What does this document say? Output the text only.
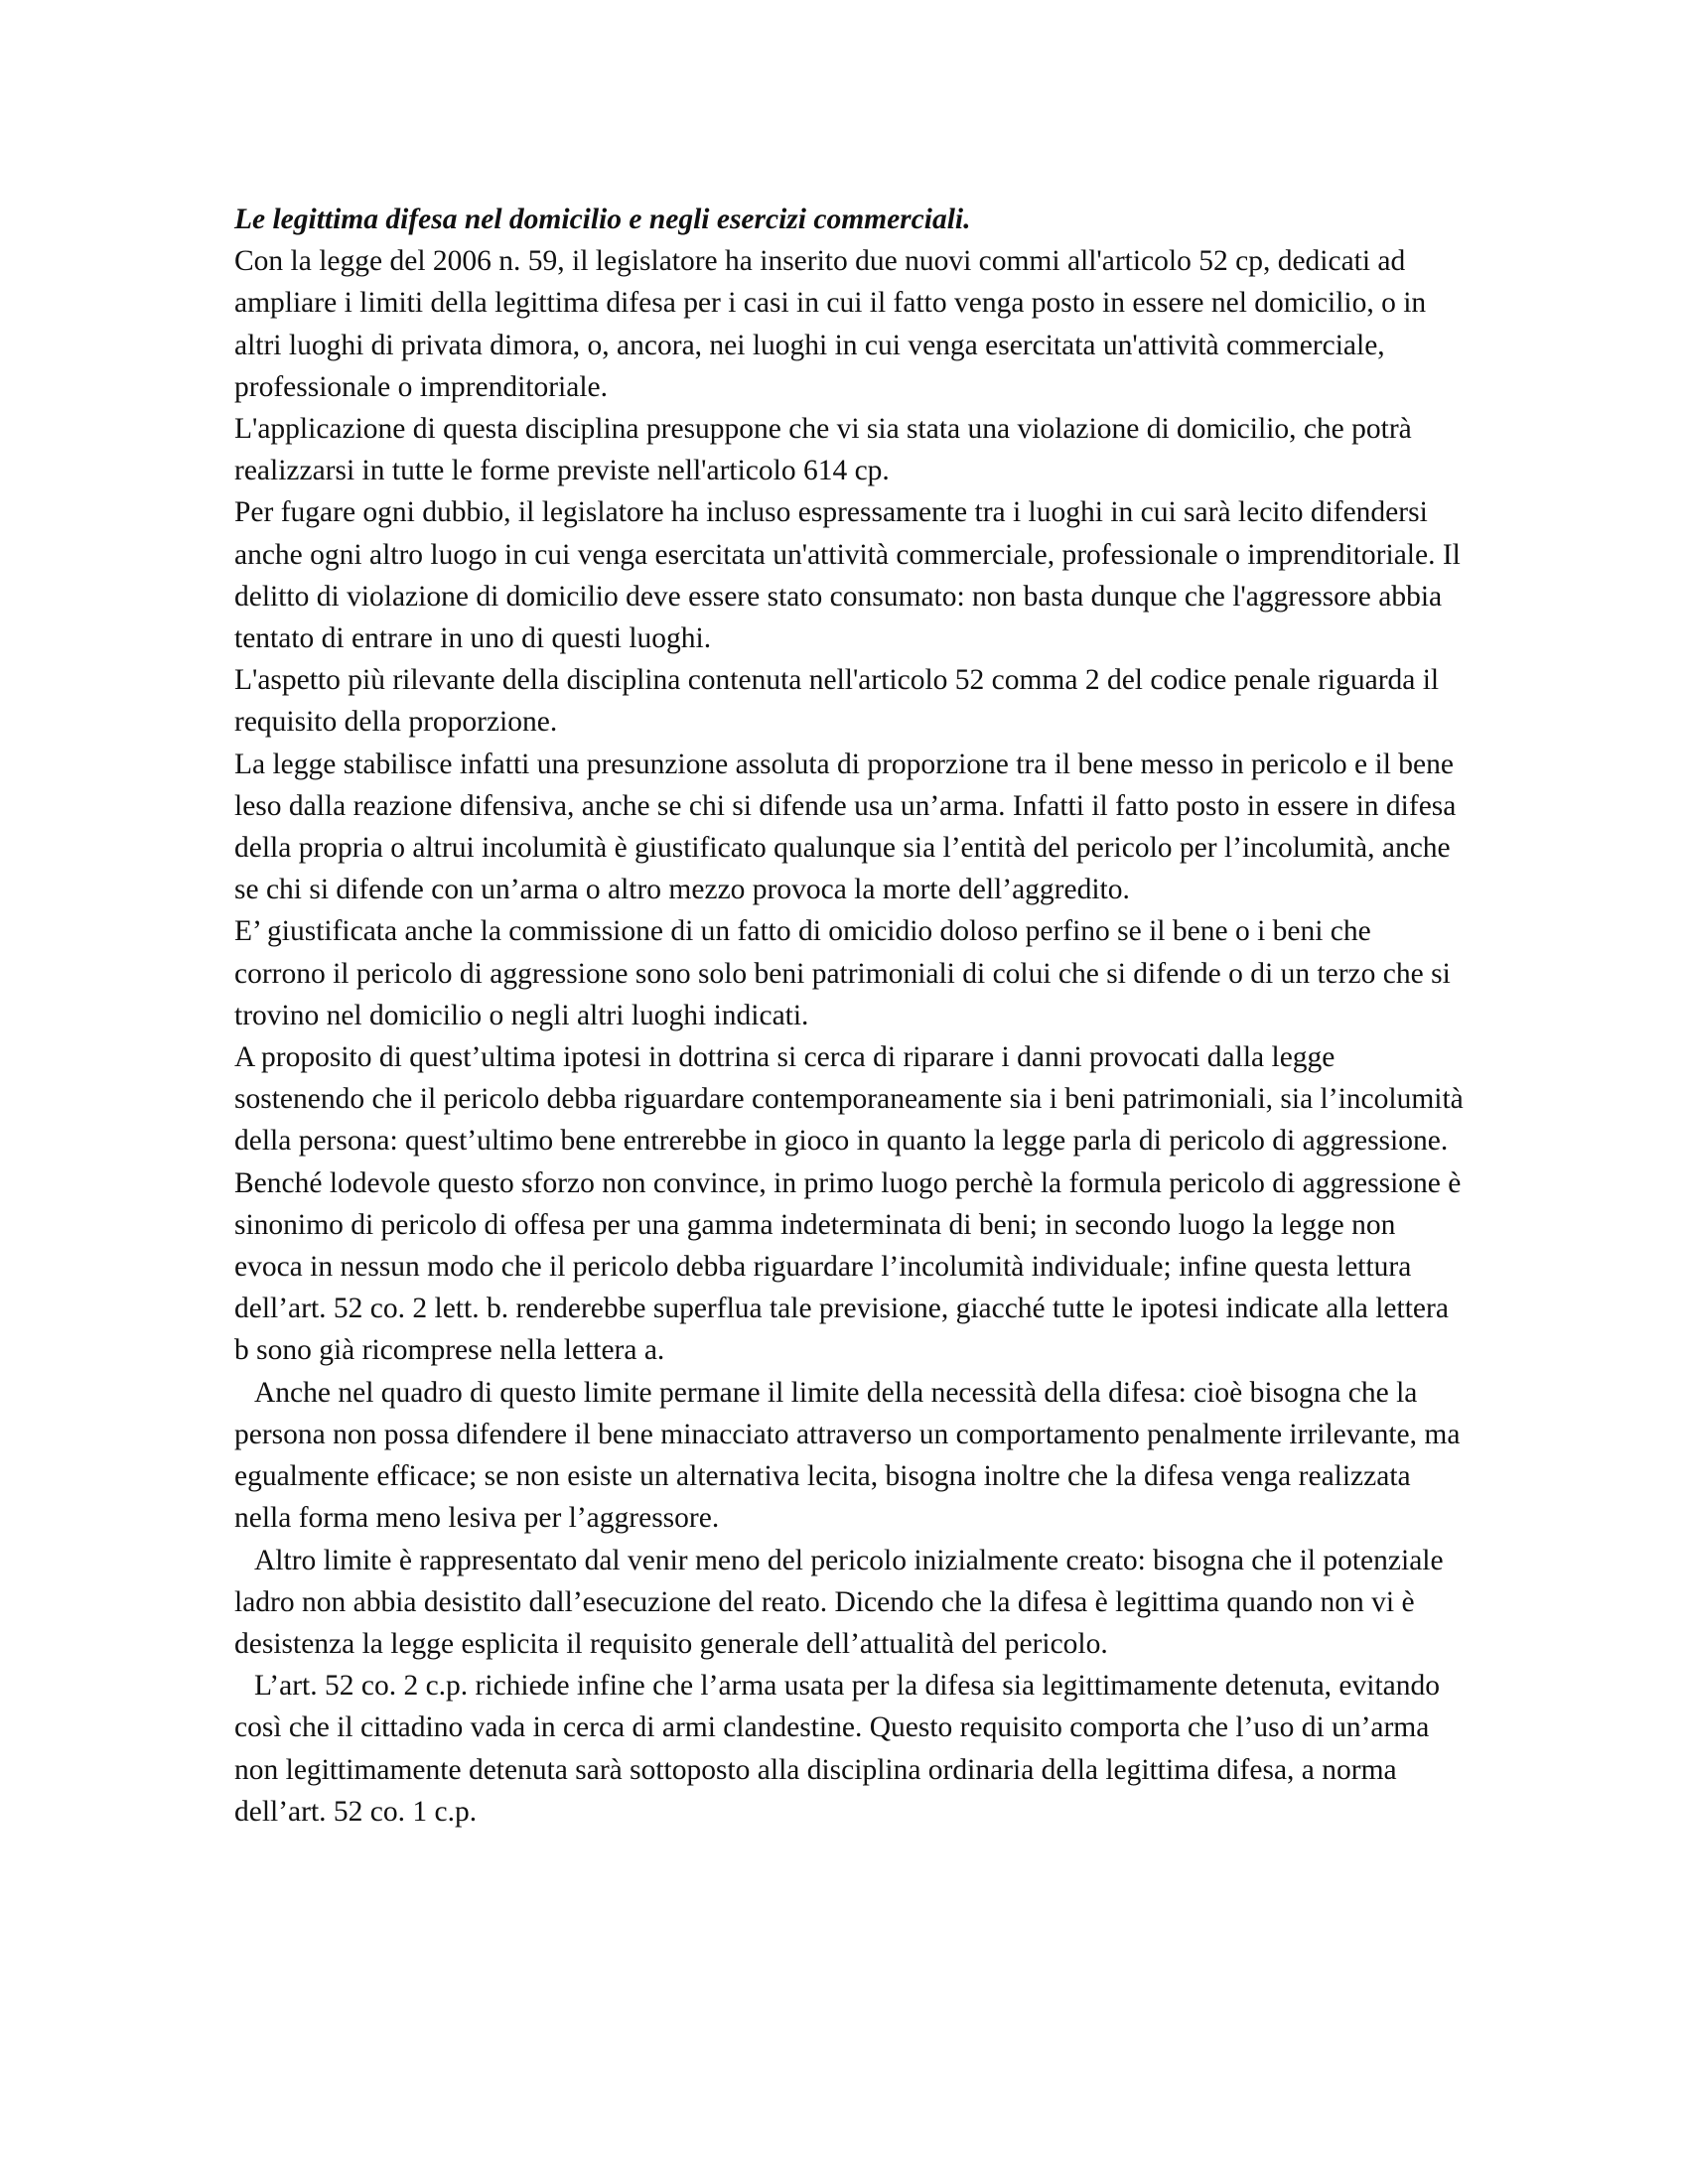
Le legittima difesa nel domicilio e negli esercizi commerciali.

Con la legge del 2006 n. 59, il legislatore ha inserito due nuovi commi all'articolo 52 cp, dedicati ad ampliare i limiti della legittima difesa per i casi in cui il fatto venga posto in essere nel domicilio, o in altri luoghi di privata dimora, o, ancora, nei luoghi in cui venga esercitata un'attività commerciale, professionale o imprenditoriale.

L'applicazione di questa disciplina presuppone che vi sia stata una violazione di domicilio, che potrà realizzarsi in tutte le forme previste nell'articolo 614 cp.

Per fugare ogni dubbio, il legislatore ha incluso espressamente tra i luoghi in cui sarà lecito difendersi anche ogni altro luogo in cui venga esercitata un'attività commerciale, professionale o imprenditoriale. Il delitto di violazione di domicilio deve essere stato consumato: non basta dunque che l'aggressore abbia tentato di entrare in uno di questi luoghi.

L'aspetto più rilevante della disciplina contenuta nell'articolo 52 comma 2 del codice penale riguarda il requisito della proporzione.

La legge stabilisce infatti una presunzione assoluta di proporzione tra il bene messo in pericolo e il bene leso dalla reazione difensiva, anche se chi si difende usa un’arma. Infatti il fatto posto in essere in difesa della propria o altrui incolumità è giustificato qualunque sia l’entità del pericolo per l’incolumità, anche se chi si difende con un’arma o altro mezzo provoca la morte dell’aggredito.

E’ giustificata anche la commissione di un fatto di omicidio doloso perfino se il bene o i beni che corrono il pericolo di aggressione sono solo beni patrimoniali di colui che si difende o di un terzo che si trovino nel domicilio o negli altri luoghi indicati.

A proposito di quest’ultima ipotesi in dottrina si cerca di riparare i danni provocati dalla legge sostenendo che il pericolo debba riguardare contemporaneamente sia i beni patrimoniali, sia l’incolumità della persona: quest’ultimo bene entrerebbe in gioco in quanto la legge parla di pericolo di aggressione.

Benché lodevole questo sforzo non convince, in primo luogo perchè la formula pericolo di aggressione è sinonimo di pericolo di offesa per una gamma indeterminata di beni; in secondo luogo la legge non evoca in nessun modo che il pericolo debba riguardare l’incolumità individuale; infine questa lettura dell’art. 52 co. 2 lett. b. renderebbe superflua tale previsione, giacché tutte le ipotesi indicate alla lettera b sono già ricomprese nella lettera a.

Anche nel quadro di questo limite permane il limite della necessità della difesa: cioè bisogna che la persona non possa difendere il bene minacciato attraverso un comportamento penalmente irrilevante, ma egualmente efficace; se non esiste un alternativa lecita, bisogna inoltre che la difesa venga realizzata nella forma meno lesiva per l’aggressore.

Altro limite è rappresentato dal venir meno del pericolo inizialmente creato: bisogna che il potenziale ladro non abbia desistito dall’esecuzione del reato. Dicendo che la difesa è legittima quando non vi è desistenza la legge esplicita il requisito generale dell’attualità del pericolo.

L’art. 52 co. 2 c.p. richiede infine che l’arma usata per la difesa sia legittimamente detenuta, evitando così che il cittadino vada in cerca di armi clandestine. Questo requisito comporta che l’uso di un’arma non legittimamente detenuta sarà sottoposto alla disciplina ordinaria della legittima difesa, a norma dell’art. 52 co. 1 c.p.
